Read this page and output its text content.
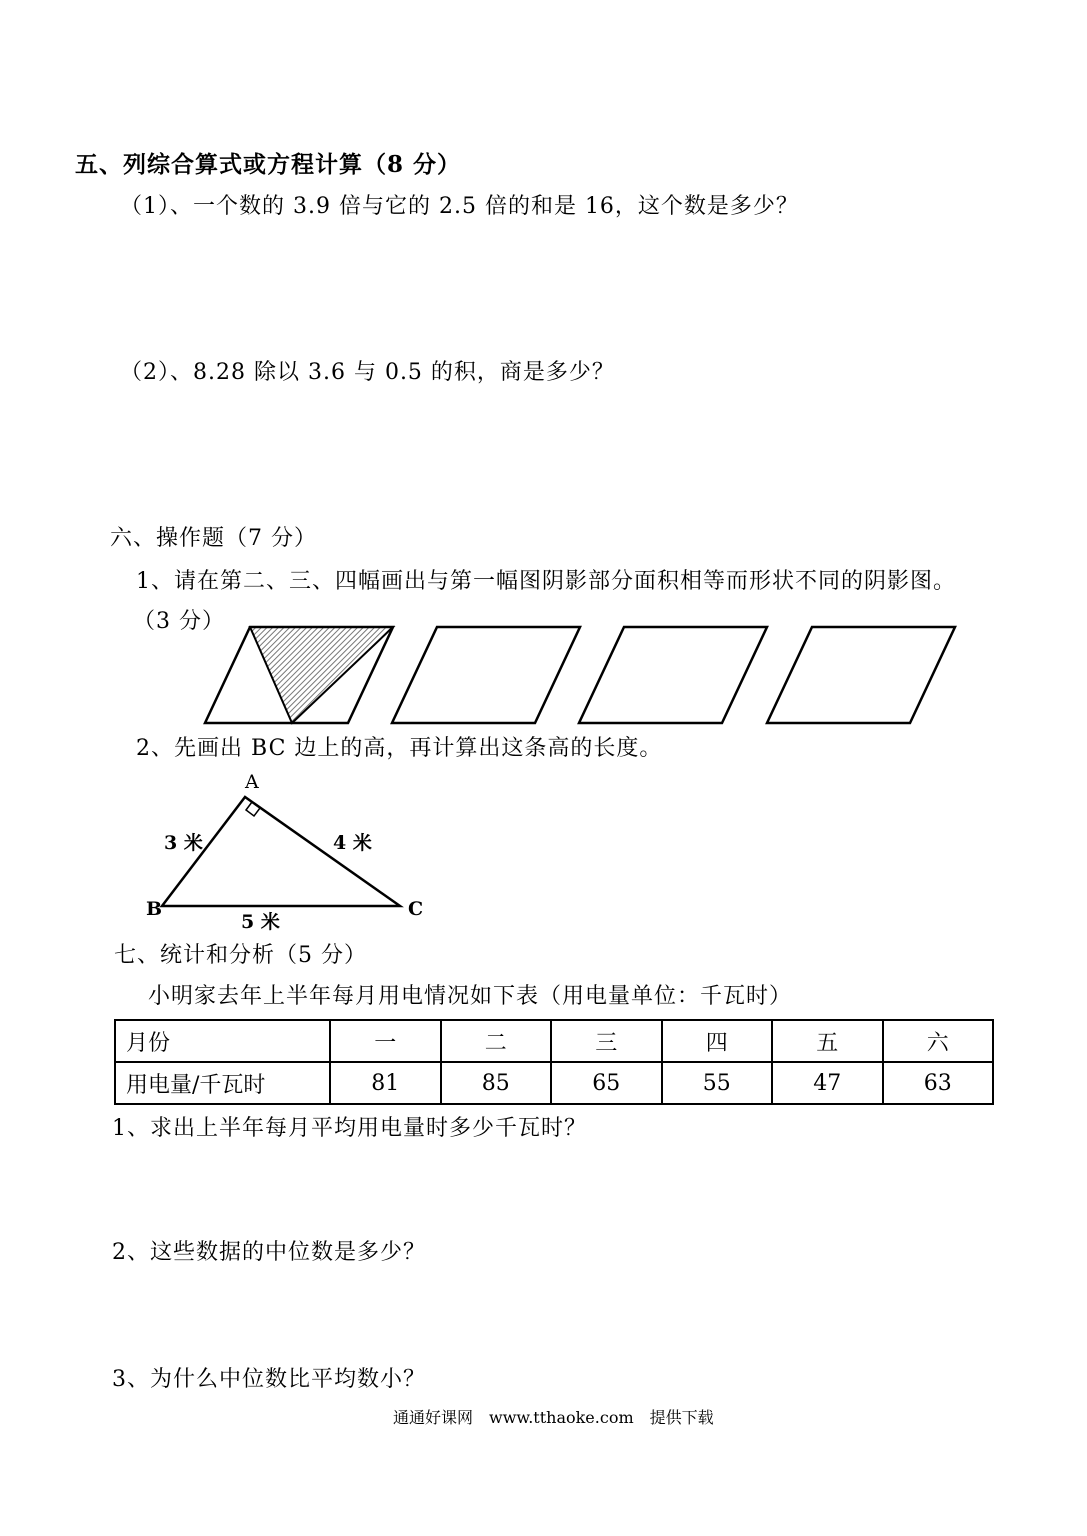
五、列综合算式或方程计算（8 分）
（1）、一个数的 3.9 倍与它的 2.5 倍的和是 16，这个数是多少？
（2）、8.28 除以 3.6 与 0.5 的积，商是多少？
六、操作题（7 分）
1、请在第二、三、四幅画出与第一幅图阴影部分面积相等而形状不同的阴影图。
（3 分）
2、先画出 BC 边上的高，再计算出这条高的长度。
A
B	C
3 米	4 米
5 米
七、统计和分析（5 分）
小明家去年上半年每月用电情况如下表（用电量单位：千瓦时）
月份	一	二	三	四	五	六
用电量/千瓦时	81	85	65	55	47	63
1、求出上半年每月平均用电量时多少千瓦时？
2、这些数据的中位数是多少？
3、为什么中位数比平均数小？
通通好课网　www.tthaoke.com　提供下载
